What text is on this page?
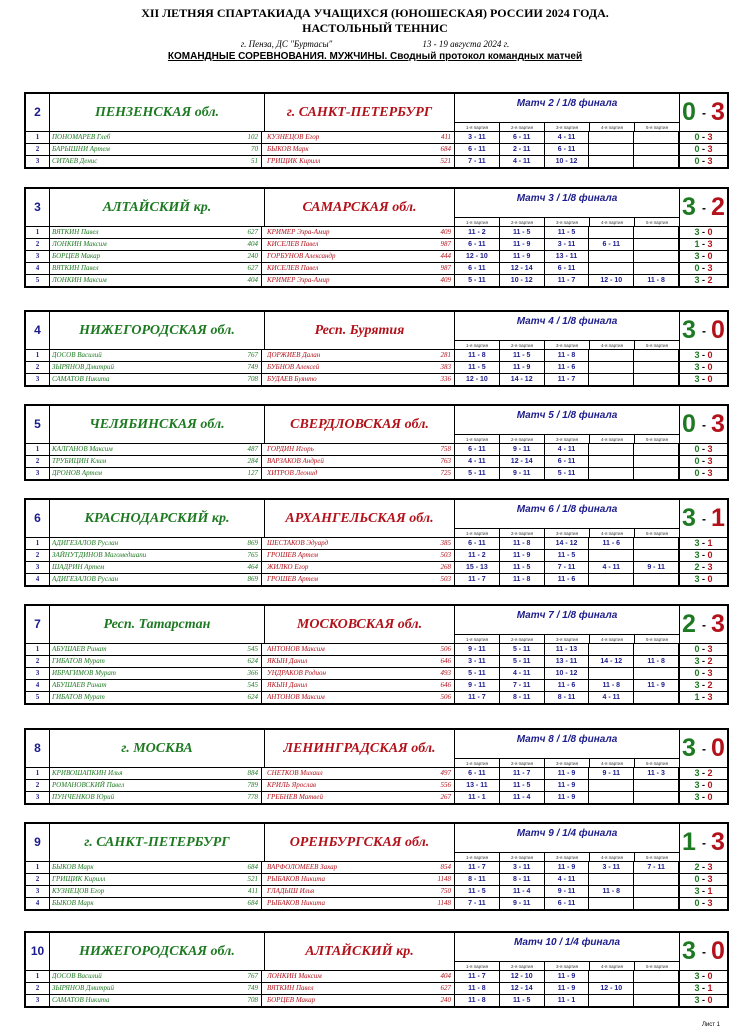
XII ЛЕТНЯЯ СПАРТАКИАДА УЧАЩИХСЯ (ЮНОШЕСКАЯ) РОССИИ 2024 ГОДА.
НАСТОЛЬНЫЙ ТЕННИС
г. Пенза, ДС "Буртасы"	13 - 19 августа 2024 г.
КОМАНДНЫЕ СОРЕВНОВАНИЯ. МУЖЧИНЫ. Сводный протокол командных матчей
2	ПЕНЗЕНСКАЯ обл.	г. САНКТ-ПЕТЕРБУРГ
Матч 2 / 1/8 финала
1-я партия	2-я партия	3-я партия	4-я партия	5-я партия
0 - 3
1	ПОНОМАРЕВ Глеб	102	КУЗНЕЦОВ Егор	411	3 - 11	6 - 11	4 - 11	0 - 3
2	БАРЫШНИ Артем	70	БЫКОВ Марк	684	6 - 11	2 - 11	6 - 11	0 - 3
3	СИТАЕВ Денис	51	ГРИЩИК Кирилл	521	7 - 11	4 - 11	10 - 12	0 - 3
3	АЛТАЙСКИЙ кр.	САМАРСКАЯ обл.
Матч 3 / 1/8 финала
1-я партия	2-я партия	3-я партия	4-я партия	5-я партия
3 - 2
1	ВЯТКИН Павел	627	КРИМЕР Эзра-Амир	409	11 - 2	11 - 5	11 - 5	3 - 0
2	ЛОНКИН Максим	404	КИСЕЛЕВ Павел	987	6 - 11	11 - 9	3 - 11	6 - 11	1 - 3
3	БОРЦЕВ Макар	240	ГОРБУНОВ Александр	444	12 - 10	11 - 9	13 - 11	3 - 0
4	ВЯТКИН Павел	627	КИСЕЛЕВ Павел	987	6 - 11	12 - 14	6 - 11	0 - 3
5	ЛОНКИН Максим	404	КРИМЕР Эзра-Амир	409	5 - 11	10 - 12	11 - 7	12 - 10	11 - 8	3 - 2
4	НИЖЕГОРОДСКАЯ обл.	Респ. Бурятия
Матч 4 / 1/8 финала
1-я партия	2-я партия	3-я партия	4-я партия	5-я партия
3 - 0
1	ДОСОВ Василий	767	ДОРЖИЕВ Далан	281	11 - 8	11 - 5	11 - 8	3 - 0
2	ЗЫРЯНОВ Дмитрий	749	БУБНОВ Алексей	383	11 - 5	11 - 9	11 - 6	3 - 0
3	САМАТОВ Никита	708	БУДАЕВ Буянто	336	12 - 10	14 - 12	11 - 7	3 - 0
5	ЧЕЛЯБИНСКАЯ обл.	СВЕРДЛОВСКАЯ обл.
Матч 5 / 1/8 финала
1-я партия	2-я партия	3-я партия	4-я партия	5-я партия
0 - 3
1	КАЛГАНОВ Максим	487	ГОРДИН Игорь	758	6 - 11	9 - 11	4 - 11	0 - 3
2	ТРУБИЦИН Клим	284	ВАРЗАКОВ Андрей	763	4 - 11	12 - 14	6 - 11	0 - 3
3	ДРОНОВ Артем	127	ХИТРОВ Леонид	725	5 - 11	9 - 11	5 - 11	0 - 3
6	КРАСНОДАРСКИЙ кр.	АРХАНГЕЛЬСКАЯ обл.
Матч 6 / 1/8 финала
1-я партия	2-я партия	3-я партия	4-я партия	5-я партия
3 - 1
1	АДИГЕЗАЛОВ Руслан	869	ШЕСТАКОВ Эдуард	385	6 - 11	11 - 8	14 - 12	11 - 6	3 - 1
2	ЗАЙНУТДИНОВ Магомедшапи	765	ГРОШЕВ Артем	503	11 - 2	11 - 9	11 - 5	3 - 0
3	ШАДРИН Артем	464	ЖИЛКО Егор	268	15 - 13	11 - 5	7 - 11	4 - 11	9 - 11	2 - 3
4	АДИГЕЗАЛОВ Руслан	869	ГРОШЕВ Артем	503	11 - 7	11 - 8	11 - 6	3 - 0
7	Респ. Татарстан	МОСКОВСКАЯ обл.
Матч 7 / 1/8 финала
1-я партия	2-я партия	3-я партия	4-я партия	5-я партия
2 - 3
1	АБУШАЕВ Ринат	545	АНТОНОВ Максим	506	9 - 11	5 - 11	11 - 13	0 - 3
2	ГИБАТОВ Мурат	624	ЯКЫН Данил	646	3 - 11	5 - 11	13 - 11	14 - 12	11 - 8	3 - 2
3	ИБРАГИМОВ Мурат	366	УНДРАКОВ Родион	493	5 - 11	4 - 11	10 - 12	0 - 3
4	АБУШАЕВ Ринат	545	ЯКЫН Данил	646	9 - 11	7 - 11	11 - 6	11 - 8	11 - 9	3 - 2
5	ГИБАТОВ Мурат	624	АНТОНОВ Максим	506	11 - 7	8 - 11	8 - 11	4 - 11	1 - 3
8	г. МОСКВА	ЛЕНИНГРАДСКАЯ обл.
Матч 8 / 1/8 финала
1-я партия	2-я партия	3-я партия	4-я партия	5-я партия
3 - 0
1	КРИВОШАПКИН Илья	884	СНЕТКОВ Михаил	497	6 - 11	11 - 7	11 - 9	9 - 11	11 - 3	3 - 2
2	РОМАНОВСКИЙ Павел	789	КРИЛЬ Ярослав	556	13 - 11	11 - 5	11 - 9	3 - 0
3	ПУНЧЕНКОВ Юрий	778	ГРЕБНЕВ Матвей	267	11 - 1	11 - 4	11 - 9	3 - 0
9	г. САНКТ-ПЕТЕРБУРГ	ОРЕНБУРГСКАЯ обл.
Матч 9 / 1/4 финала
1-я партия	2-я партия	3-я партия	4-я партия	5-я партия
1 - 3
1	БЫКОВ Марк	684	ВАРФОЛОМЕЕВ Захар	854	11 - 7	3 - 11	11 - 9	3 - 11	7 - 11	2 - 3
2	ГРИЩИК Кирилл	521	РЫБАКОВ Никита	1148	8 - 11	8 - 11	4 - 11	0 - 3
3	КУЗНЕЦОВ Егор	411	ГЛАДЫШ Илья	750	11 - 5	11 - 4	9 - 11	11 - 8	3 - 1
4	БЫКОВ Марк	684	РЫБАКОВ Никита	1148	7 - 11	9 - 11	6 - 11	0 - 3
10	НИЖЕГОРОДСКАЯ обл.	АЛТАЙСКИЙ кр.
Матч 10 / 1/4 финала
1-я партия	2-я партия	3-я партия	4-я партия	5-я партия
3 - 0
1	ДОСОВ Василий	767	ЛОНКИН Максим	404	11 - 7	12 - 10	11 - 9	3 - 0
2	ЗЫРЯНОВ Дмитрий	749	ВЯТКИН Павел	627	11 - 8	12 - 14	11 - 9	12 - 10	3 - 1
3	САМАТОВ Никита	708	БОРЦЕВ Макар	240	11 - 8	11 - 5	11 - 1	3 - 0
Лист 1
